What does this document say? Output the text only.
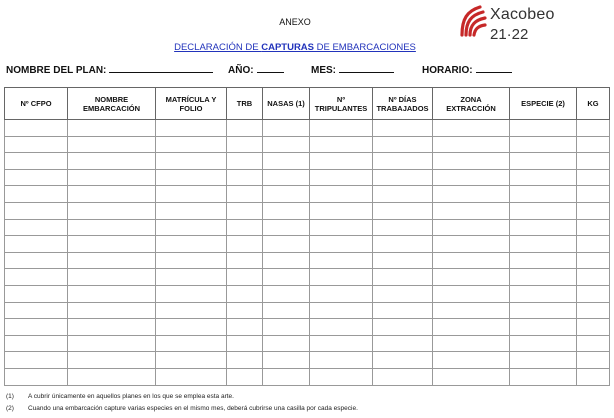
ANEXO
DECLARACIÓN DE CAPTURAS DE EMBARCACIONES
Xacobeo
21·22
NOMBRE DEL PLAN:	AÑO:	MES:	HORARIO:
Nº CFPO	NOMBRE EMBARCACIÓN	MATRÍCULA Y FOLIO	TRB	NASAS (1)	Nº TRIPULANTES	Nº DÍAS TRABAJADOS	ZONA EXTRACCIÓN	ESPECIE (2)	KG

(1) A cubrir únicamente en aquellos planes en los que se emplea esta arte.
(2) Cuando una embarcación capture varias especies en el mismo mes, deberá cubrirse una casilla por cada especie.
